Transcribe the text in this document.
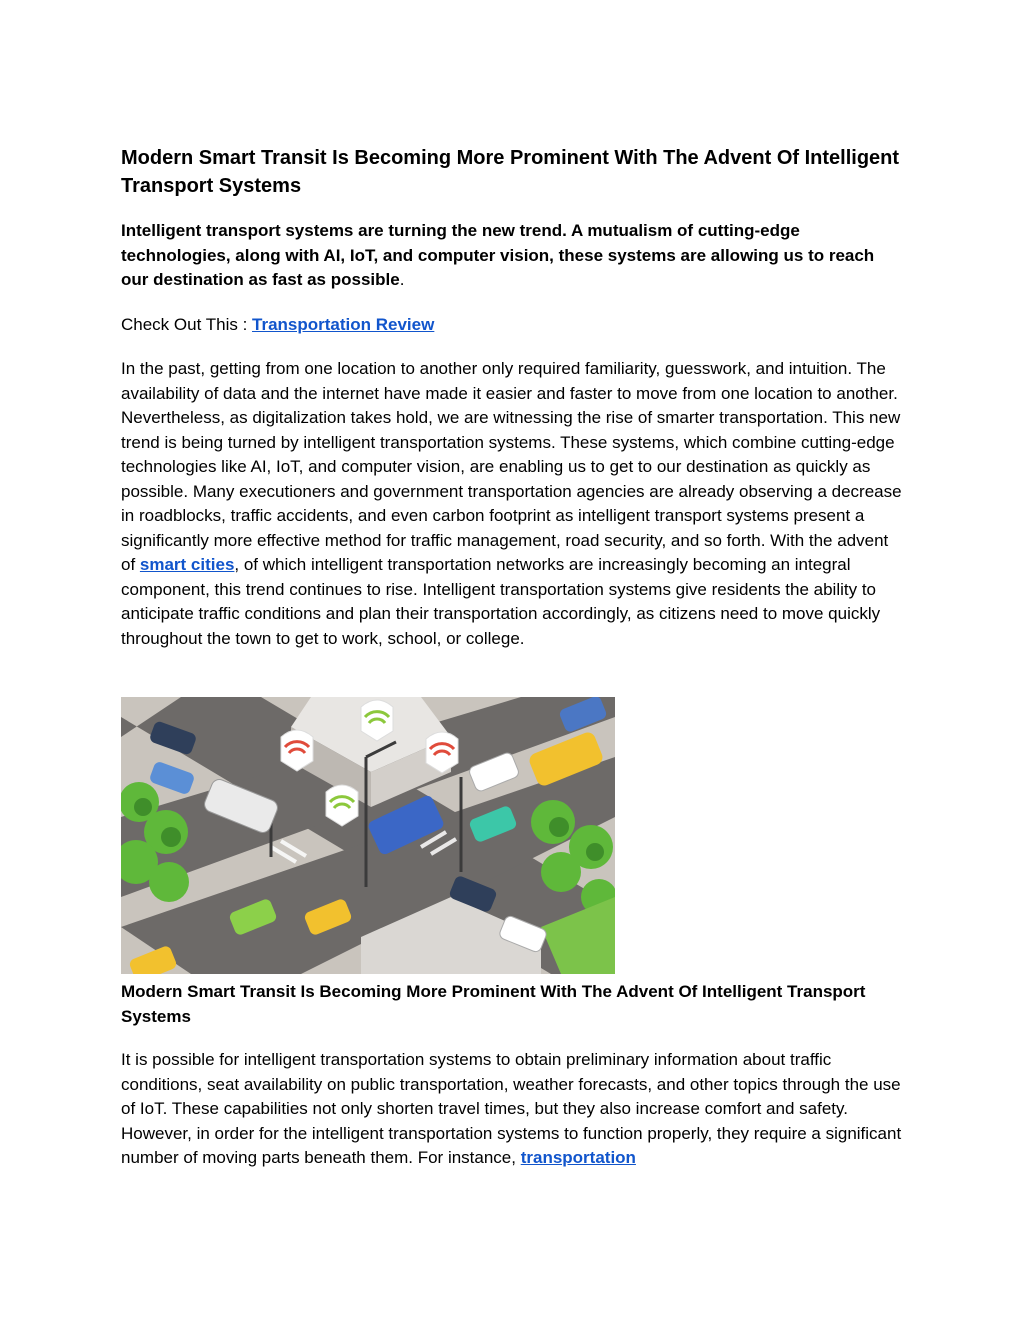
Modern Smart Transit Is Becoming More Prominent With The Advent Of Intelligent Transport Systems

Intelligent transport systems are turning the new trend. A mutualism of cutting-edge technologies, along with AI, IoT, and computer vision, these systems are allowing us to reach our destination as fast as possible.

Check Out This : Transportation Review

In the past, getting from one location to another only required familiarity, guesswork, and intuition. The availability of data and the internet have made it easier and faster to move from one location to another. Nevertheless, as digitalization takes hold, we are witnessing the rise of smarter transportation. This new trend is being turned by intelligent transportation systems. These systems, which combine cutting-edge technologies like AI, IoT, and computer vision, are enabling us to get to our destination as quickly as possible. Many executioners and government transportation agencies are already observing a decrease in roadblocks, traffic accidents, and even carbon footprint as intelligent transport systems present a significantly more effective method for traffic management, road security, and so forth. With the advent of smart cities, of which intelligent transportation networks are increasingly becoming an integral component, this trend continues to rise. Intelligent transportation systems give residents the ability to anticipate traffic conditions and plan their transportation accordingly, as citizens need to move quickly throughout the town to get to work, school, or college.

Modern Smart Transit Is Becoming More Prominent With The Advent Of Intelligent Transport Systems

It is possible for intelligent transportation systems to obtain preliminary information about traffic conditions, seat availability on public transportation, weather forecasts, and other topics through the use of IoT. These capabilities not only shorten travel times, but they also increase comfort and safety. However, in order for the intelligent transportation systems to function properly, they require a significant number of moving parts beneath them. For instance, transportation
